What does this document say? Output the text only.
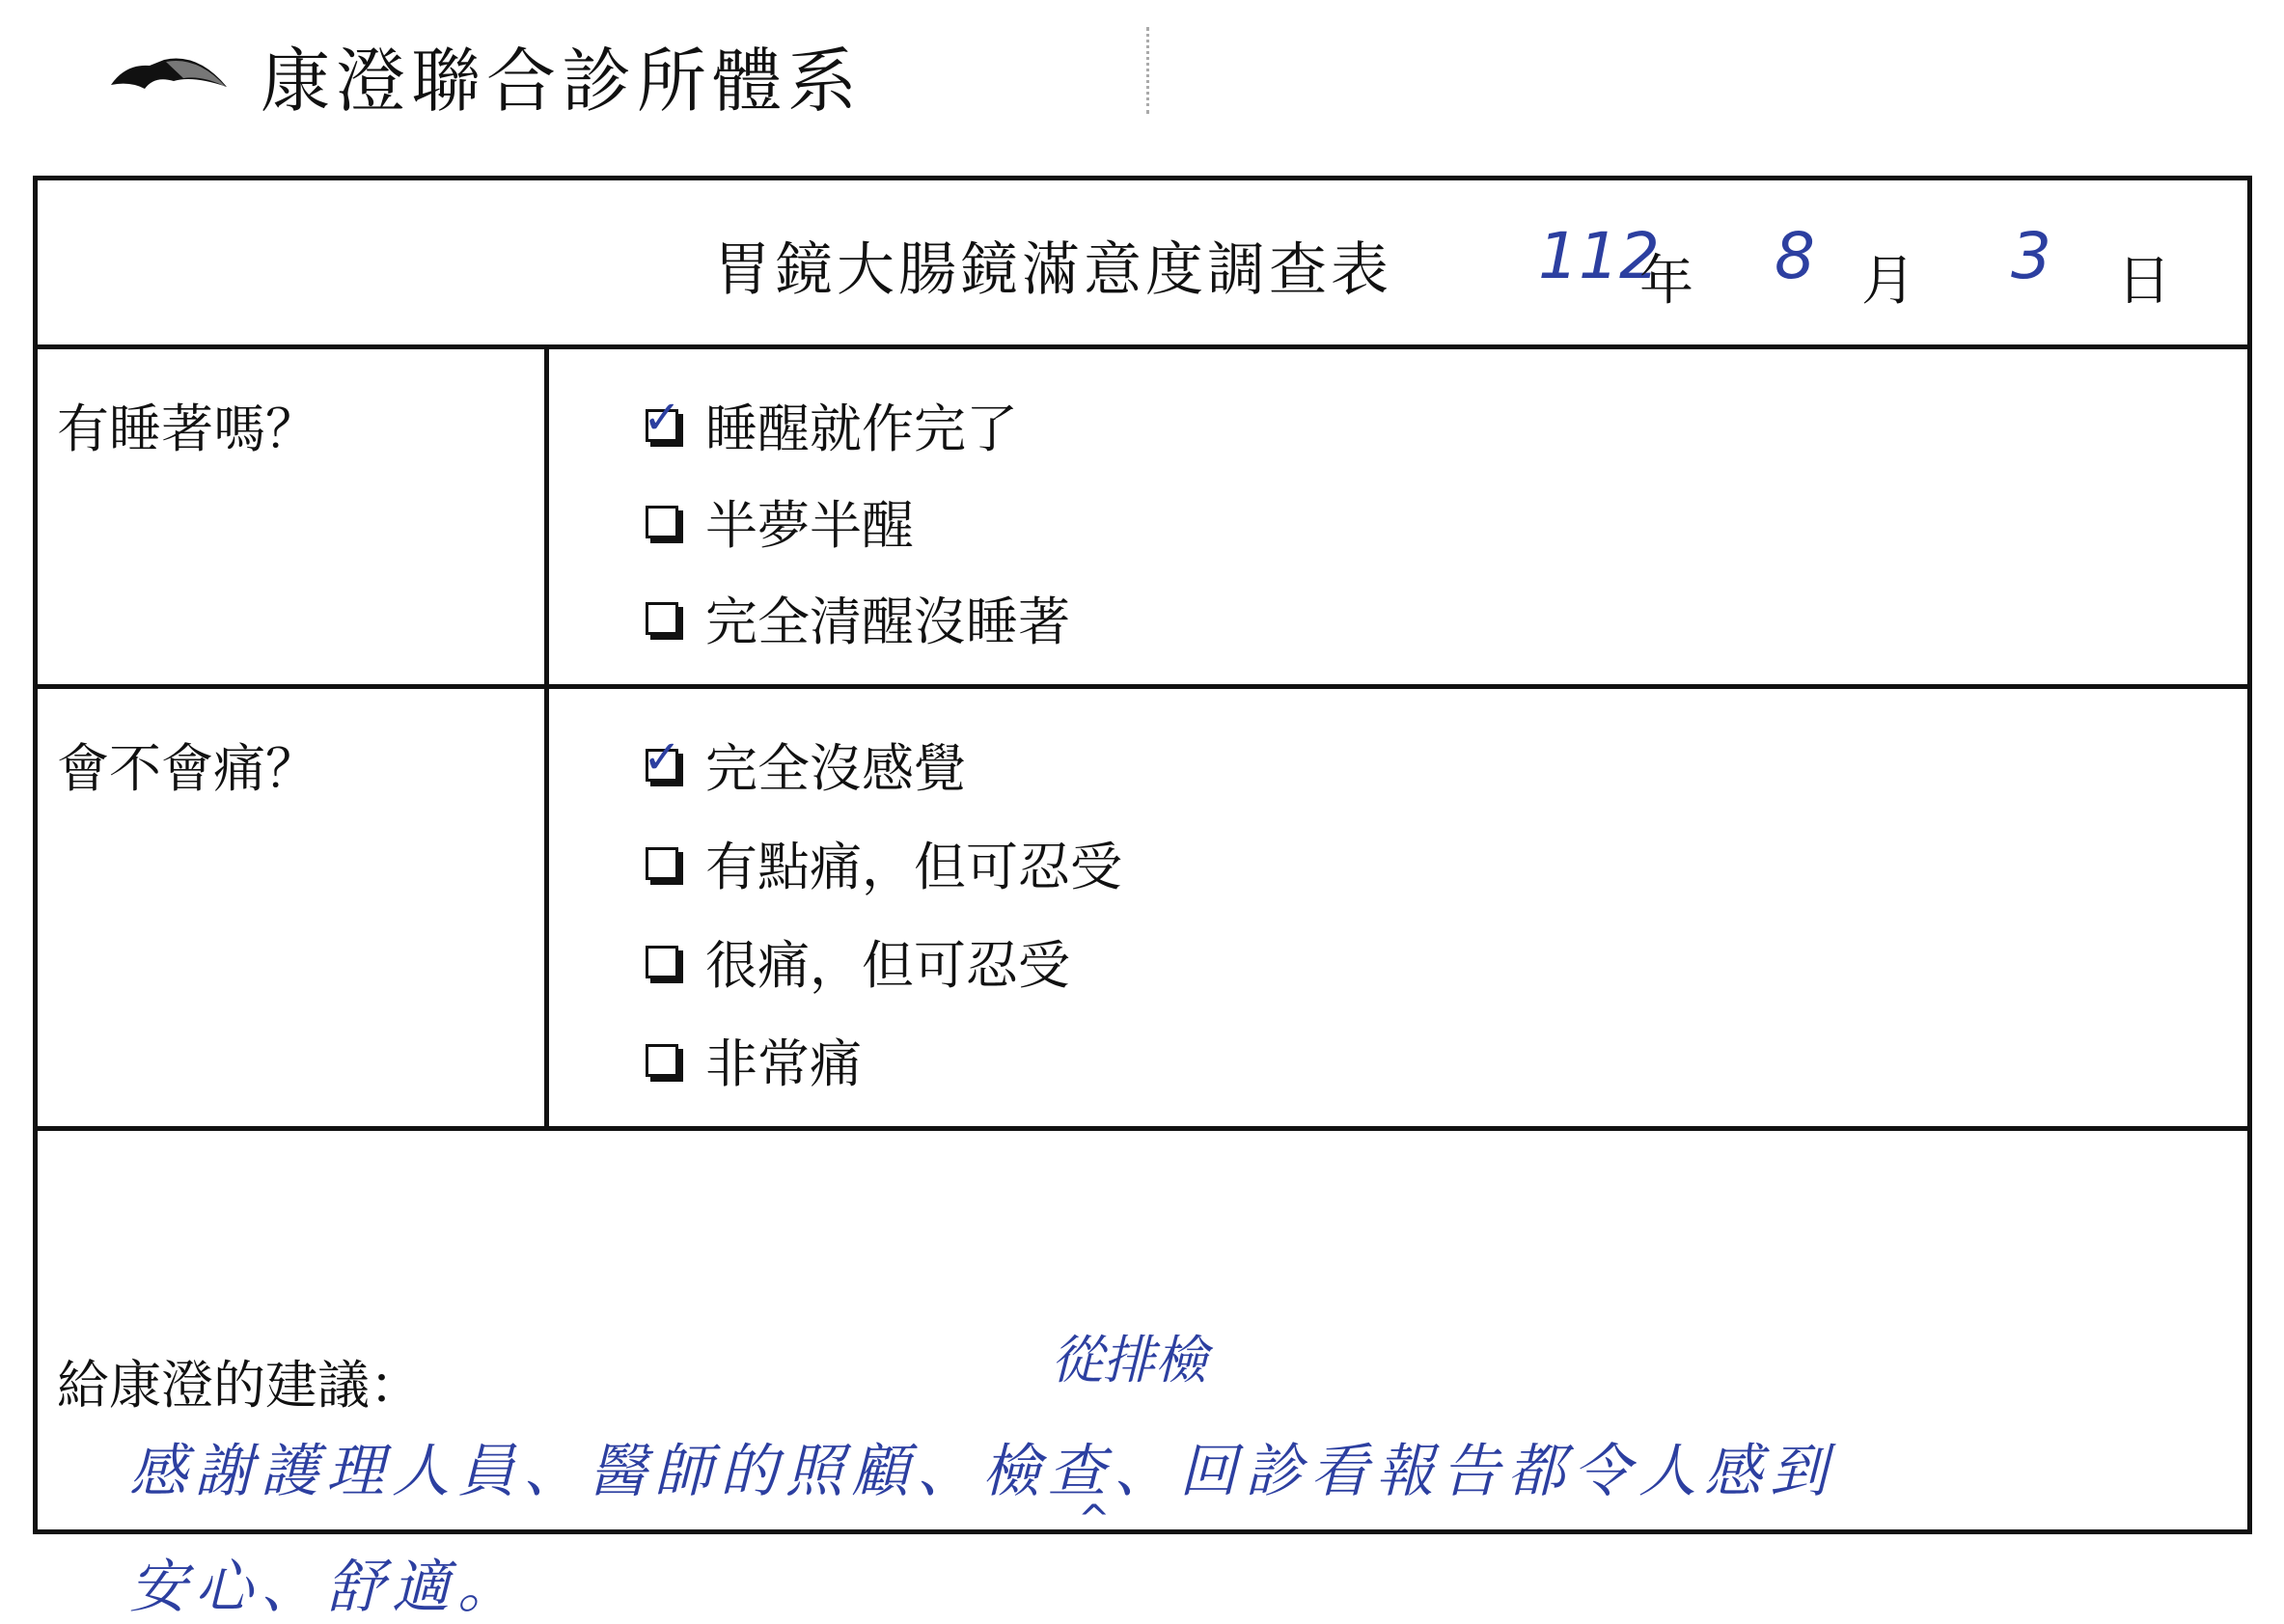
康澄聯合診所體系
胃鏡大腸鏡滿意度調查表 112
年 8 月 3 日
有睡著嗎？	✓ 睡醒就作完了
半夢半醒
完全清醒沒睡著
會不會痛？	✓ 完全沒感覺
有點痛，但可忍受
很痛，但可忍受
非常痛
給康澄的建議：	從排檢
^
感謝護理人員、醫師的照顧、檢查、回診看報告都令人感到
安心、舒適。
